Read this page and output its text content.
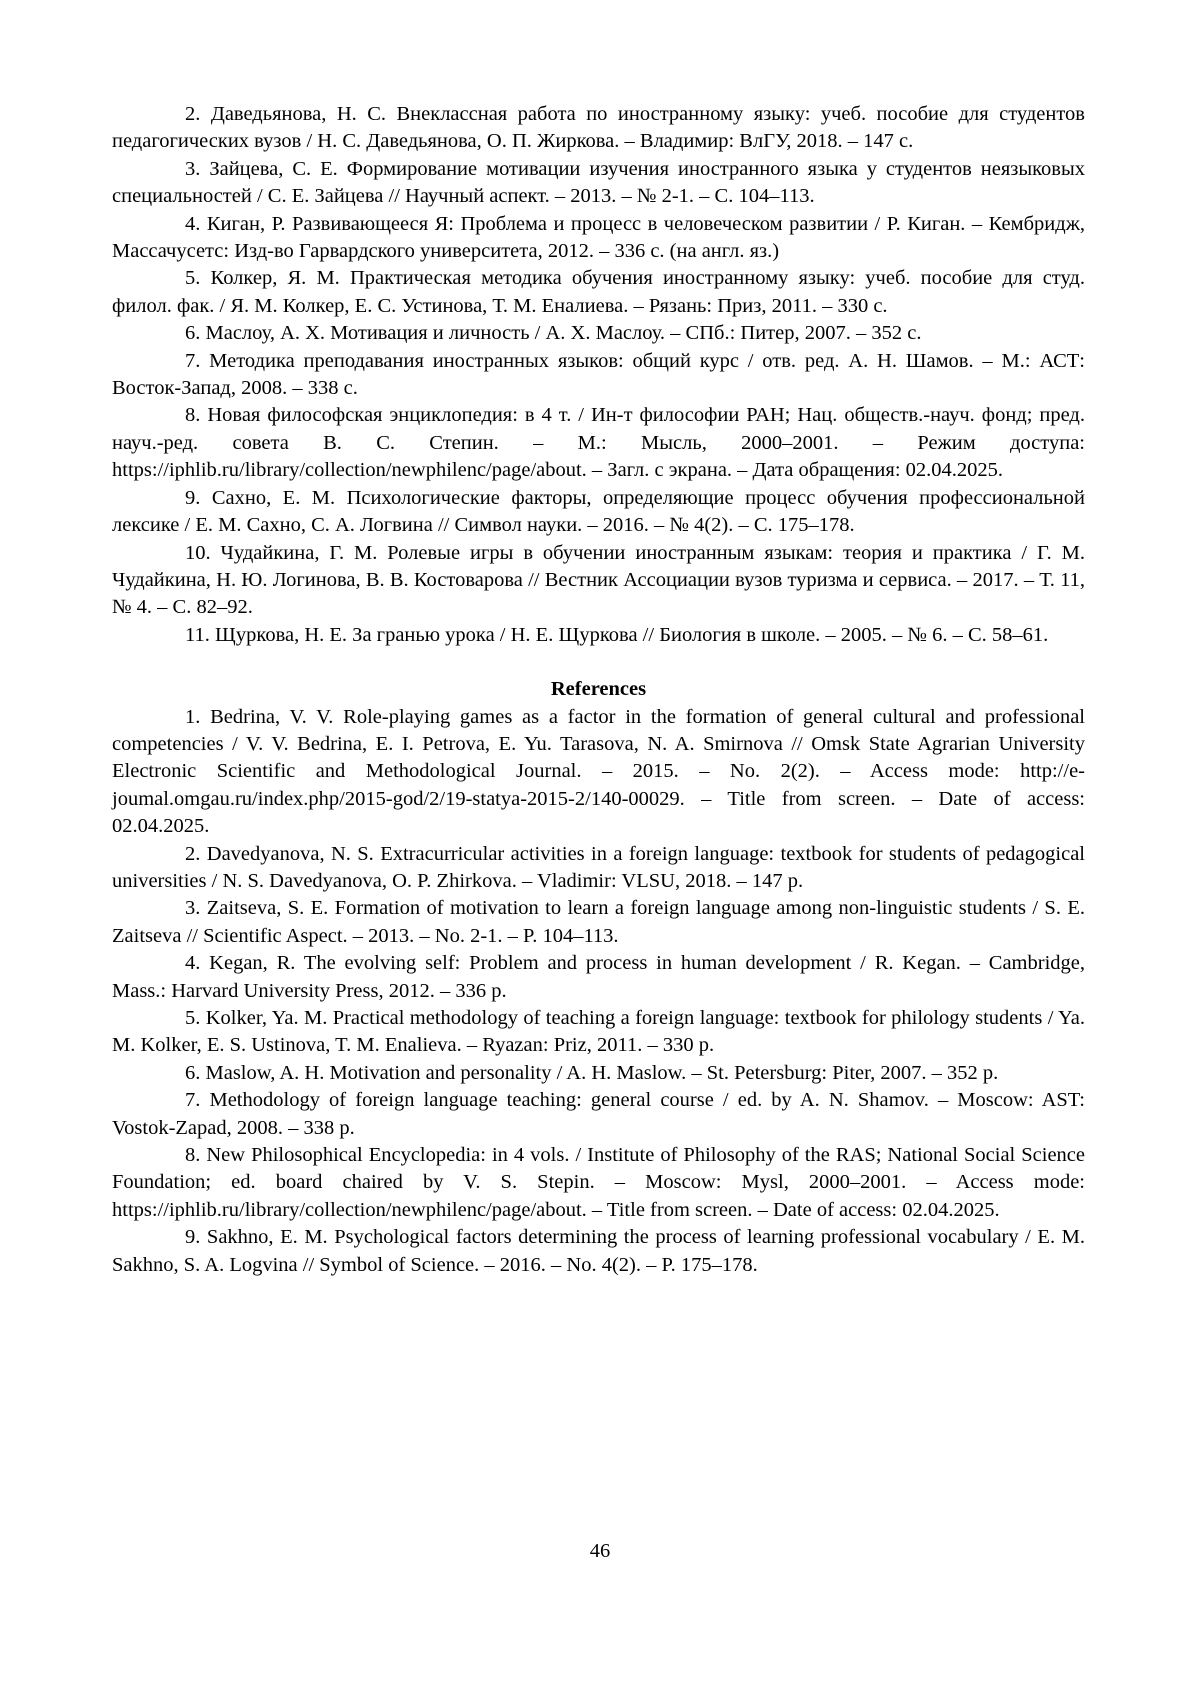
2. Даведьянова, Н. С. Внеклассная работа по иностранному языку: учеб. пособие для студентов педагогических вузов / Н. С. Даведьянова, О. П. Жиркова. – Владимир: ВлГУ, 2018. – 147 с.

3. Зайцева, С. Е. Формирование мотивации изучения иностранного языка у студентов неязыковых специальностей / С. Е. Зайцева // Научный аспект. – 2013. – № 2-1. – С. 104–113.

4. Киган, Р. Развивающееся Я: Проблема и процесс в человеческом развитии / Р. Киган. – Кембридж, Массачусетс: Изд-во Гарвардского университета, 2012. – 336 с. (на англ. яз.)

5. Колкер, Я. М. Практическая методика обучения иностранному языку: учеб. пособие для студ. филол. фак. / Я. М. Колкер, Е. С. Устинова, Т. М. Еналиева. – Рязань: Приз, 2011. – 330 с.

6. Маслоу, А. Х. Мотивация и личность / А. Х. Маслоу. – СПб.: Питер, 2007. – 352 с.

7. Методика преподавания иностранных языков: общий курс / отв. ред. А. Н. Шамов. – М.: АСТ: Восток-Запад, 2008. – 338 с.

8. Новая философская энциклопедия: в 4 т. / Ин-т философии РАН; Нац. обществ.-науч. фонд; пред. науч.-ред. совета В. С. Степин. – М.: Мысль, 2000–2001. – Режим доступа: https://iphlib.ru/library/collection/newphilenc/page/about. – Загл. с экрана. – Дата обращения: 02.04.2025.

9. Сахно, Е. М. Психологические факторы, определяющие процесс обучения профессиональной лексике / Е. М. Сахно, С. А. Логвина // Символ науки. – 2016. – № 4(2). – С. 175–178.

10. Чудайкина, Г. М. Ролевые игры в обучении иностранным языкам: теория и практика / Г. М. Чудайкина, Н. Ю. Логинова, В. В. Костоварова // Вестник Ассоциации вузов туризма и сервиса. – 2017. – Т. 11, № 4. – С. 82–92.

11. Щуркова, Н. Е. За гранью урока / Н. Е. Щуркова // Биология в школе. – 2005. – № 6. – С. 58–61.

References

1. Bedrina, V. V. Role-playing games as a factor in the formation of general cultural and professional competencies / V. V. Bedrina, E. I. Petrova, E. Yu. Tarasova, N. A. Smirnova // Omsk State Agrarian University Electronic Scientific and Methodological Journal. – 2015. – No. 2(2). – Access mode: http://e-joumal.omgau.ru/index.php/2015-god/2/19-statya-2015-2/140-00029. – Title from screen. – Date of access: 02.04.2025.

2. Davedyanova, N. S. Extracurricular activities in a foreign language: textbook for students of pedagogical universities / N. S. Davedyanova, O. P. Zhirkova. – Vladimir: VLSU, 2018. – 147 p.

3. Zaitseva, S. E. Formation of motivation to learn a foreign language among non-linguistic students / S. E. Zaitseva // Scientific Aspect. – 2013. – No. 2-1. – P. 104–113.

4. Kegan, R. The evolving self: Problem and process in human development / R. Kegan. – Cambridge, Mass.: Harvard University Press, 2012. – 336 p.

5. Kolker, Ya. M. Practical methodology of teaching a foreign language: textbook for philology students / Ya. M. Kolker, E. S. Ustinova, T. M. Enalieva. – Ryazan: Priz, 2011. – 330 p.

6. Maslow, A. H. Motivation and personality / A. H. Maslow. – St. Petersburg: Piter, 2007. – 352 p.

7. Methodology of foreign language teaching: general course / ed. by A. N. Shamov. – Moscow: AST: Vostok-Zapad, 2008. – 338 p.

8. New Philosophical Encyclopedia: in 4 vols. / Institute of Philosophy of the RAS; National Social Science Foundation; ed. board chaired by V. S. Stepin. – Moscow: Mysl, 2000–2001. – Access mode: https://iphlib.ru/library/collection/newphilenc/page/about. – Title from screen. – Date of access: 02.04.2025.

9. Sakhno, E. M. Psychological factors determining the process of learning professional vocabulary / E. M. Sakhno, S. A. Logvina // Symbol of Science. – 2016. – No. 4(2). – P. 175–178.

46
